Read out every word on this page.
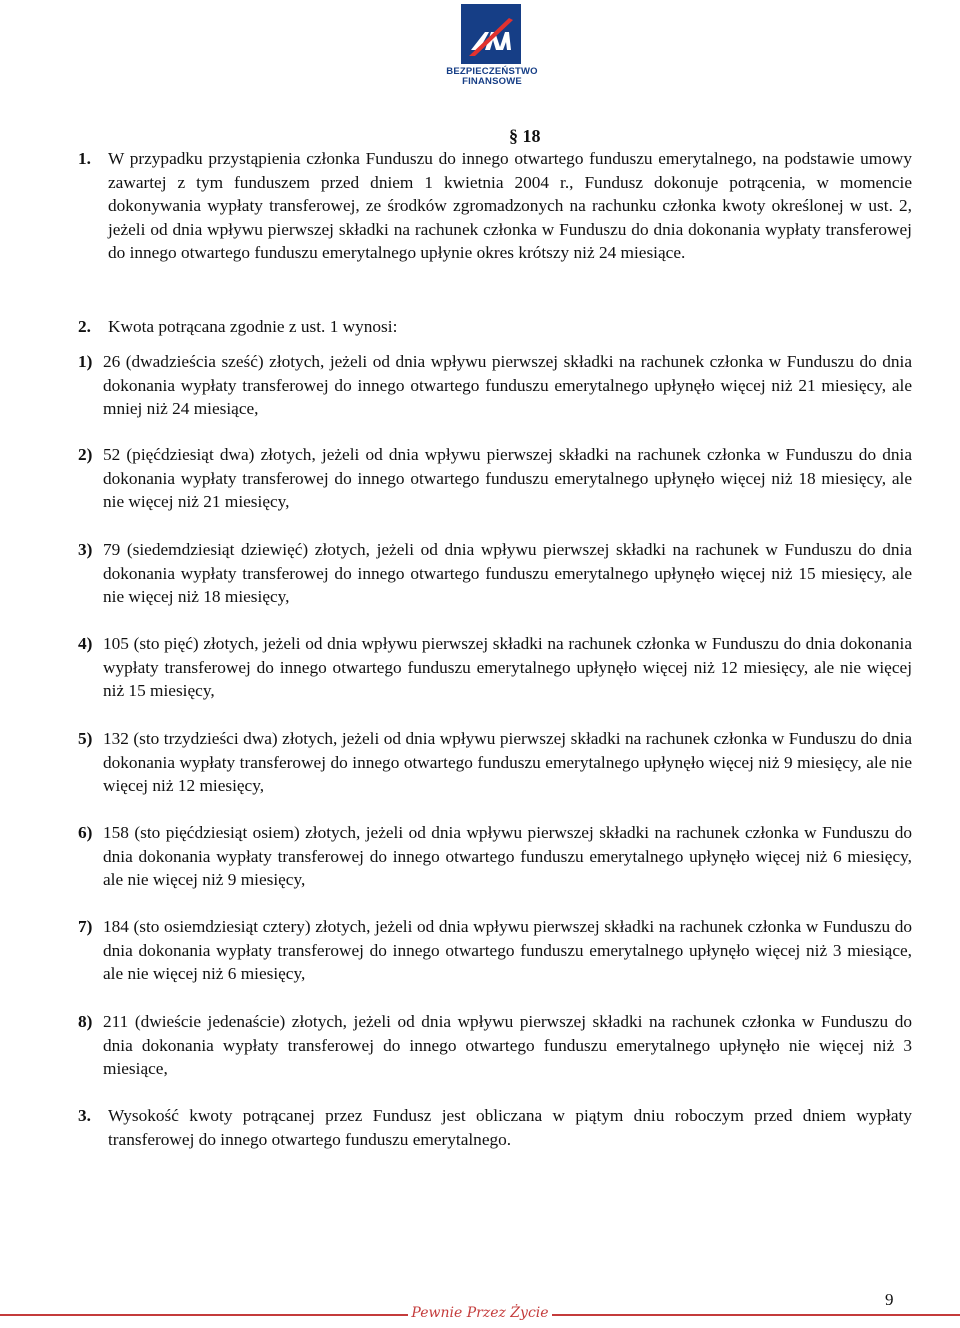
BEZPIECZEŃSTWO
FINANSOWE
§ 18
1. W przypadku przystąpienia członka Funduszu do innego otwartego funduszu emerytalnego, na podstawie umowy zawartej z tym funduszem przed dniem 1 kwietnia 2004 r., Fundusz dokonuje potrącenia, w momencie dokonywania wypłaty transferowej, ze środków zgromadzonych na rachunku członka kwoty określonej w ust. 2, jeżeli od dnia wpływu pierwszej składki na rachunek członka w Funduszu do dnia dokonania wypłaty transferowej do innego otwartego funduszu emerytalnego upłynie okres krótszy niż 24 miesiące.
2. Kwota potrącana zgodnie z ust. 1 wynosi:
1) 26 (dwadzieścia sześć) złotych, jeżeli od dnia wpływu pierwszej składki na rachunek członka w Funduszu do dnia dokonania wypłaty transferowej do innego otwartego funduszu emerytalnego upłynęło więcej niż 21 miesięcy, ale mniej niż 24 miesiące,
2) 52 (pięćdziesiąt dwa) złotych, jeżeli od dnia wpływu pierwszej składki na rachunek członka w Funduszu do dnia dokonania wypłaty transferowej do innego otwartego funduszu emerytalnego upłynęło więcej niż 18 miesięcy, ale nie więcej niż 21 miesięcy,
3) 79 (siedemdziesiąt dziewięć) złotych, jeżeli od dnia wpływu pierwszej składki na rachunek w Funduszu do dnia dokonania wypłaty transferowej do innego otwartego funduszu emerytalnego upłynęło więcej niż 15 miesięcy, ale nie więcej niż 18 miesięcy,
4) 105 (sto pięć) złotych, jeżeli od dnia wpływu pierwszej składki na rachunek członka w Funduszu do dnia dokonania wypłaty transferowej do innego otwartego funduszu emerytalnego upłynęło więcej niż 12 miesięcy, ale nie więcej niż 15 miesięcy,
5) 132 (sto trzydzieści dwa) złotych, jeżeli od dnia wpływu pierwszej składki na rachunek członka w Funduszu do dnia dokonania wypłaty transferowej do innego otwartego funduszu emerytalnego upłynęło więcej niż 9 miesięcy, ale nie więcej niż 12 miesięcy,
6) 158 (sto pięćdziesiąt osiem) złotych, jeżeli od dnia wpływu pierwszej składki na rachunek członka w Funduszu do dnia dokonania wypłaty transferowej do innego otwartego funduszu emerytalnego upłynęło więcej niż 6 miesięcy, ale nie więcej niż 9 miesięcy,
7) 184 (sto osiemdziesiąt cztery) złotych, jeżeli od dnia wpływu pierwszej składki na rachunek członka w Funduszu do dnia dokonania wypłaty transferowej do innego otwartego funduszu emerytalnego upłynęło więcej niż 3 miesiące, ale nie więcej niż 6 miesięcy,
8) 211 (dwieście jedenaście) złotych, jeżeli od dnia wpływu pierwszej składki na rachunek członka w Funduszu do dnia dokonania wypłaty transferowej do innego otwartego funduszu emerytalnego upłynęło nie więcej niż 3 miesiące,
3. Wysokość kwoty potrącanej przez Fundusz jest obliczana w piątym dniu roboczym przed dniem wypłaty transferowej do innego otwartego funduszu emerytalnego.
9
Pewnie Przez Życie
